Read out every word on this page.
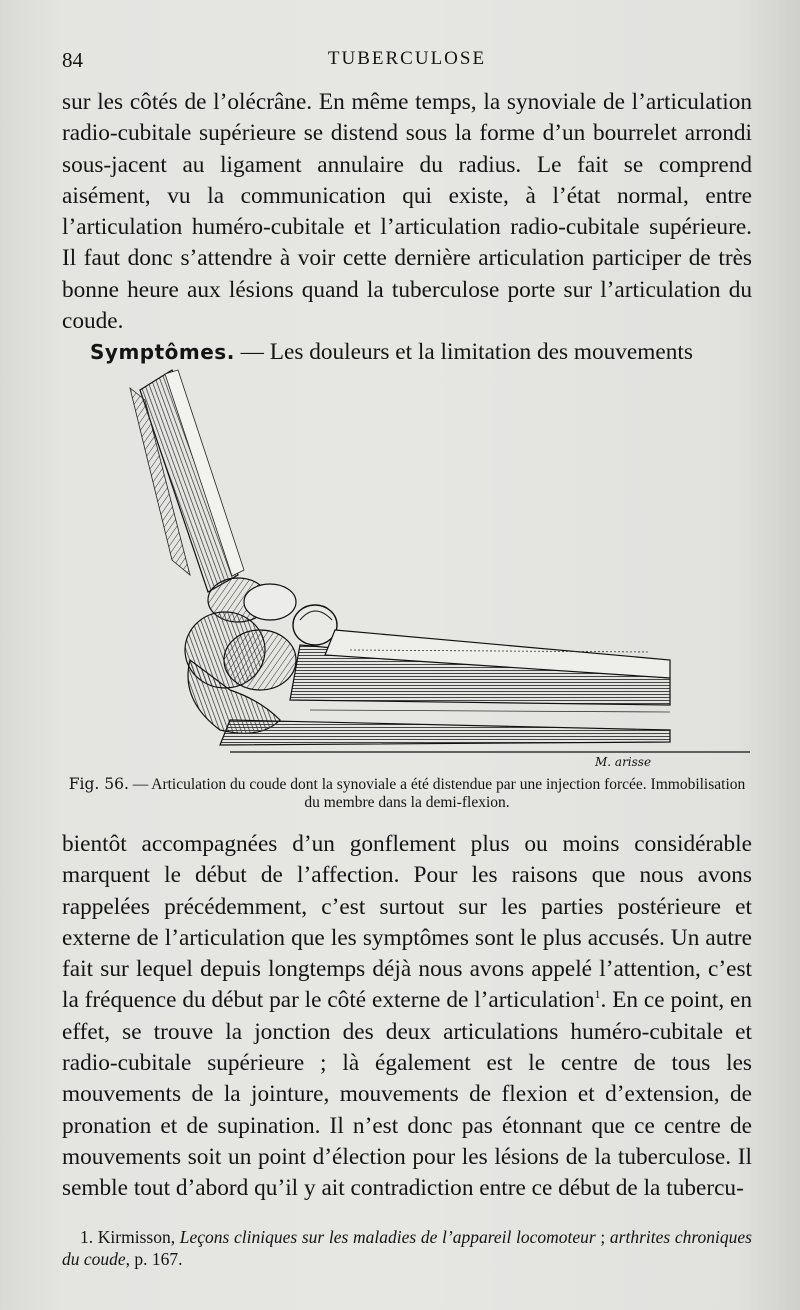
84	TUBERCULOSE

sur les côtés de l’olécrâne. En même temps, la synoviale de l’articulation radio-cubitale supérieure se distend sous la forme d’un bourrelet arrondi sous-jacent au ligament annulaire du radius. Le fait se comprend aisément, vu la communication qui existe, à l’état normal, entre l’articulation huméro-cubitale et l’articulation radio-cubitale supérieure. Il faut donc s’attendre à voir cette dernière articulation participer de très bonne heure aux lésions quand la tuberculose porte sur l’articulation du coude.

Symptômes. — Les douleurs et la limitation des mouvements

M. arisse
Fig. 56. — Articulation du coude dont la synoviale a été distendue par une injection forcée. Immobilisation du membre dans la demi-flexion.

bientôt accompagnées d’un gonflement plus ou moins considérable marquent le début de l’affection. Pour les raisons que nous avons rappelées précédemment, c’est surtout sur les parties postérieure et externe de l’articulation que les symptômes sont le plus accusés. Un autre fait sur lequel depuis longtemps déjà nous avons appelé l’attention, c’est la fréquence du début par le côté externe de l’articulation$^1$. En ce point, en effet, se trouve la jonction des deux articulations huméro-cubitale et radio-cubitale supérieure ; là également est le centre de tous les mouvements de la jointure, mouvements de flexion et d’extension, de pronation et de supination. Il n’est donc pas étonnant que ce centre de mouvements soit un point d’élection pour les lésions de la tuberculose. Il semble tout d’abord qu’il y ait contradiction entre ce début de la tubercu-

1. Kirmisson, Leçons cliniques sur les maladies de l’appareil locomoteur ; arthrites chroniques du coude, p. 167.
